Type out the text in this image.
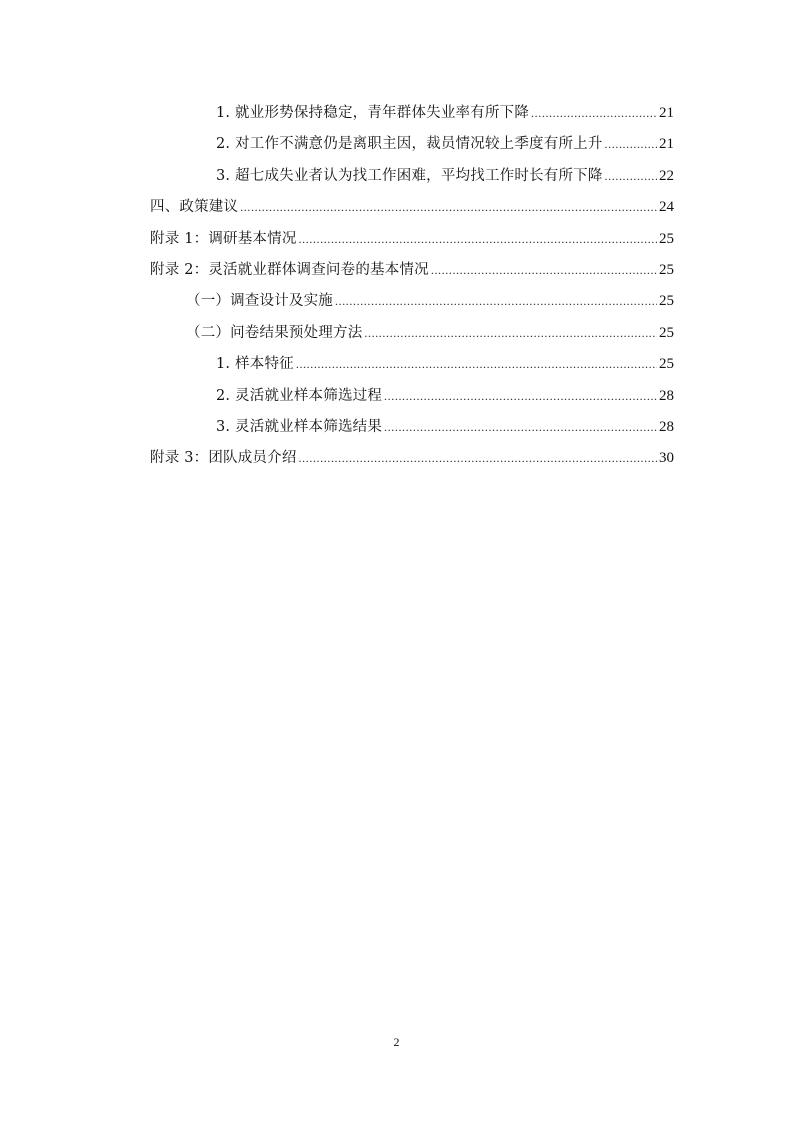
1. 就业形势保持稳定，青年群体失业率有所下降 .....	21
2. 对工作不满意仍是离职主因，裁员情况较上季度有所上升 .....	21
3. 超七成失业者认为找工作困难，平均找工作时长有所下降 .....	22
四、政策建议 .....	24
附录 1：调研基本情况 .....	25
附录 2：灵活就业群体调查问卷的基本情况 .....	25
（一）调查设计及实施 .....	25
（二）问卷结果预处理方法 .....	25
1. 样本特征 .....	25
2. 灵活就业样本筛选过程 .....	28
3. 灵活就业样本筛选结果 .....	28
附录 3：团队成员介绍 .....	30
2
